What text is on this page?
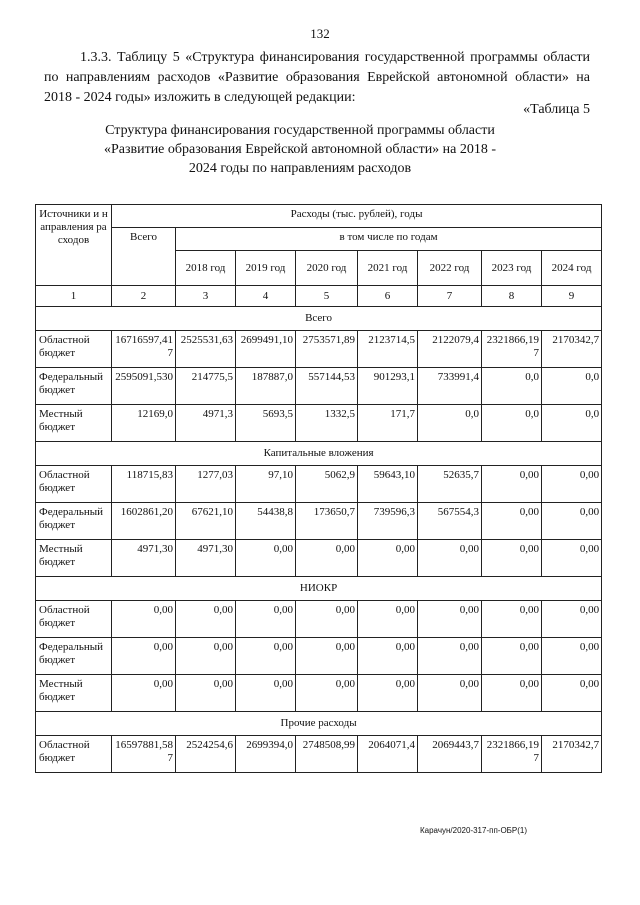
132
1.3.3. Таблицу 5 «Структура финансирования государственной программы области по направлениям расходов «Развитие образования Еврейской автономной области» на 2018 - 2024 годы» изложить в следующей редакции:
«Таблица 5
Структура финансирования государственной программы области «Развитие образования Еврейской автономной области» на 2018 - 2024 годы по направлениям расходов
Источники и направления расходов	Расходы (тыс. рублей), годы							
	Всего	в том числе по годам						
		2018 год	2019 год	2020 год	2021 год	2022 год	2023 год	2024 год
1	2	3	4	5	6	7	8	9
Всего								
Областной бюджет	16716597,417	2525531,63	2699491,10	2753571,89	2123714,5	2122079,4	2321866,197	2170342,7
Федеральный бюджет	2595091,530	214775,5	187887,0	557144,53	901293,1	733991,4	0,0	0,0
Местный бюджет	12169,0	4971,3	5693,5	1332,5	171,7	0,0	0,0	0,0
Капитальные вложения								
Областной бюджет	118715,83	1277,03	97,10	5062,9	59643,10	52635,7	0,00	0,00
Федеральный бюджет	1602861,20	67621,10	54438,8	173650,7	739596,3	567554,3	0,00	0,00
Местный бюджет	4971,30	4971,30	0,00	0,00	0,00	0,00	0,00	0,00
НИОКР								
Областной бюджет	0,00	0,00	0,00	0,00	0,00	0,00	0,00	0,00
Федеральный бюджет	0,00	0,00	0,00	0,00	0,00	0,00	0,00	0,00
Местный бюджет	0,00	0,00	0,00	0,00	0,00	0,00	0,00	0,00
Прочие расходы								
Областной бюджет	16597881,587	2524254,6	2699394,0	2748508,99	2064071,4	2069443,7	2321866,197	2170342,7
Карачун/2020-317-пп-ОБР(1)
